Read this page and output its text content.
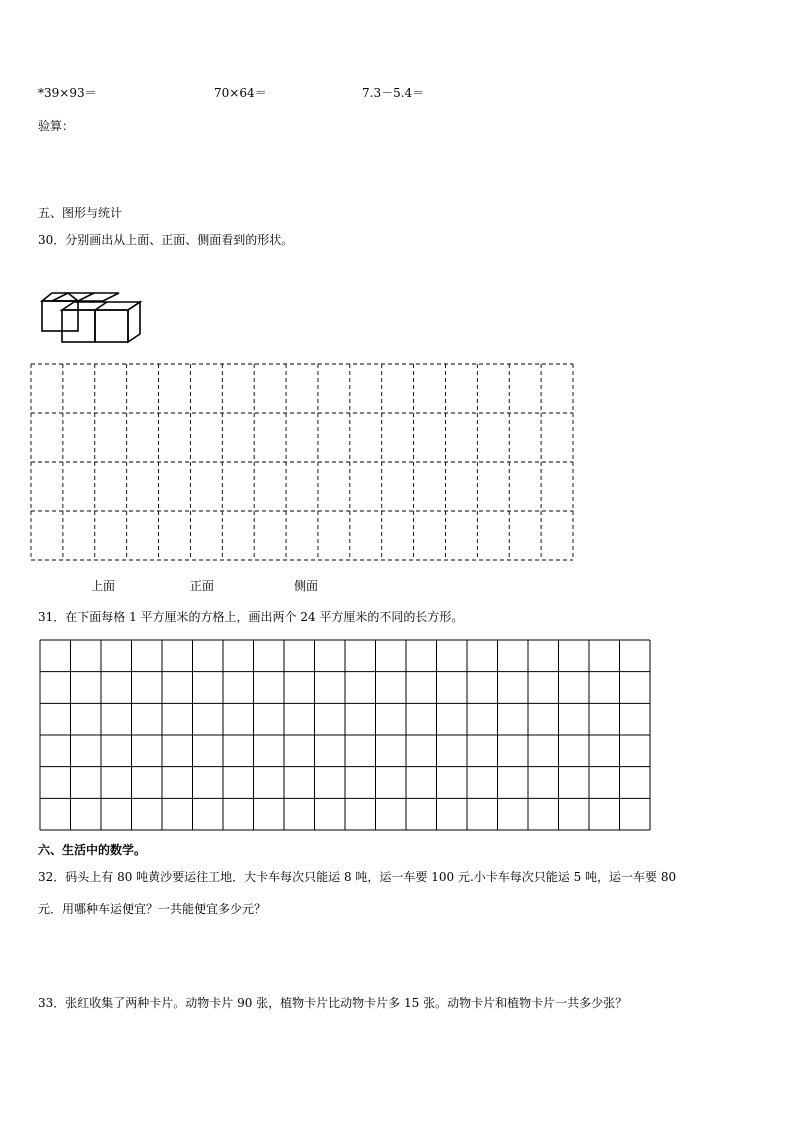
*39×93＝	70×64＝	7.3－5.4＝
验算：
五、图形与统计
30．分别画出从上面、正面、侧面看到的形状。
上面	正面	侧面
31．在下面每格 1 平方厘米的方格上，画出两个 24 平方厘米的不同的长方形。
六、生活中的数学。
32．码头上有 80 吨黄沙要运往工地．大卡车每次只能运 8 吨，运一车要 100 元.小卡车每次只能运 5 吨，运一车要 80
元．用哪种车运便宜？一共能便宜多少元？
33．张红收集了两种卡片。动物卡片 90 张，植物卡片比动物卡片多 15 张。动物卡片和植物卡片一共多少张？
